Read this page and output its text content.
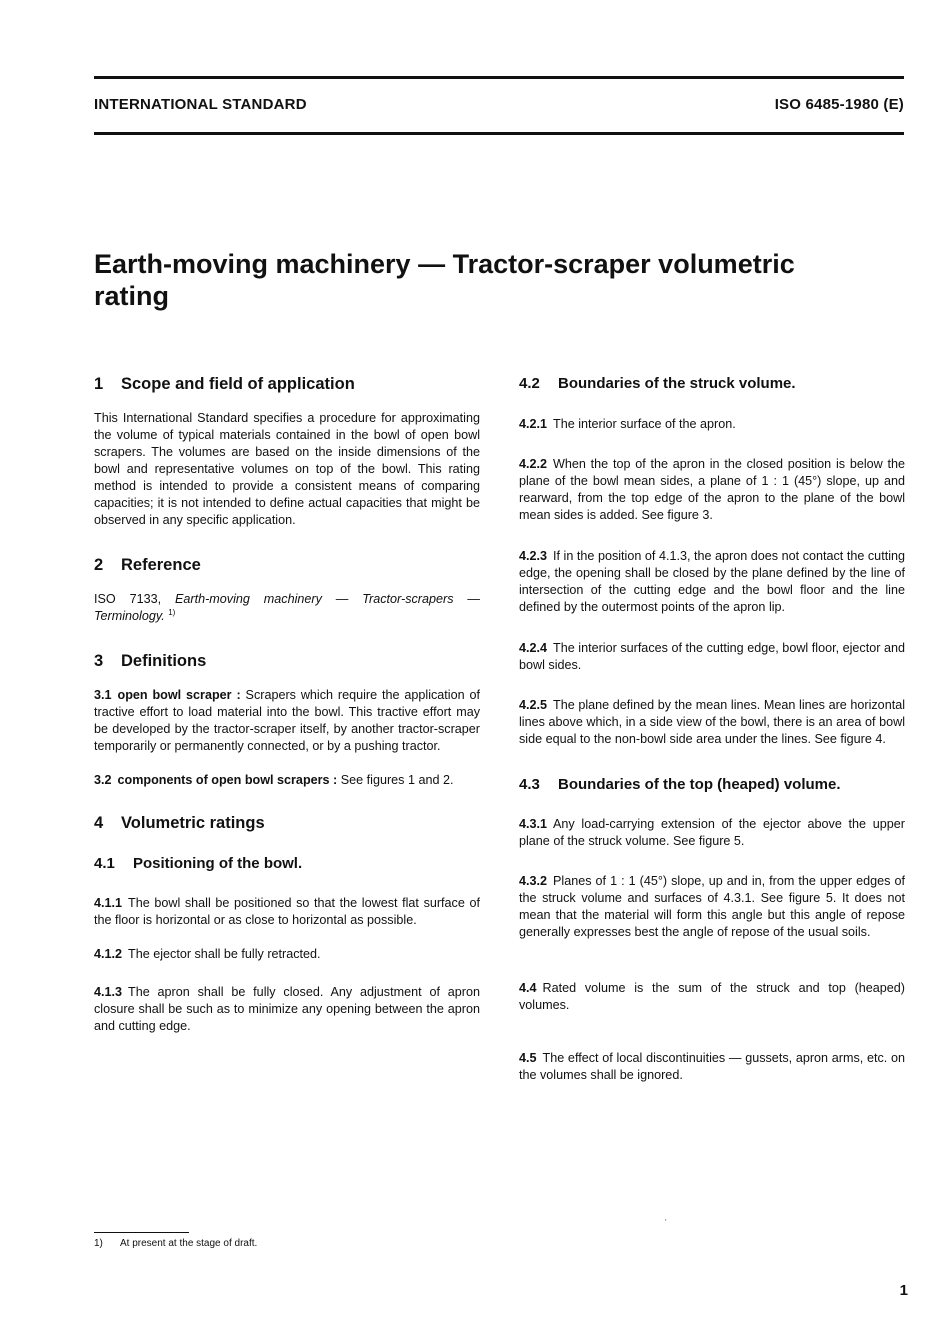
INTERNATIONAL STANDARD	ISO 6485-1980 (E)
Earth-moving machinery — Tractor-scraper volumetric rating
1 Scope and field of application

This International Standard specifies a procedure for approximating the volume of typical materials contained in the bowl of open bowl scrapers. The volumes are based on the inside dimensions of the bowl and representative volumes on top of the bowl. This rating method is intended to provide a consistent means of comparing capacities; it is not intended to define actual capacities that might be observed in any specific application.

2 Reference

ISO 7133, Earth-moving machinery — Tractor-scrapers — Terminology. $^{1)}$

3 Definitions

3.1 open bowl scraper : Scrapers which require the application of tractive effort to load material into the bowl. This tractive effort may be developed by the tractor-scraper itself, by another tractor-scraper temporarily or permanently connected, or by a pushing tractor.

3.2 components of open bowl scrapers : See figures 1 and 2.

4 Volumetric ratings
4.1 Positioning of the bowl.

4.1.1 The bowl shall be positioned so that the lowest flat surface of the floor is horizontal or as close to horizontal as possible.

4.1.2 The ejector shall be fully retracted.

4.1.3 The apron shall be fully closed. Any adjustment of apron closure shall be such as to minimize any opening between the apron and cutting edge.

4.2 Boundaries of the struck volume.

4.2.1 The interior surface of the apron.

4.2.2 When the top of the apron in the closed position is below the plane of the bowl mean sides, a plane of 1 : 1 (45°) slope, up and rearward, from the top edge of the apron to the plane of the bowl mean sides is added. See figure 3.

4.2.3 If in the position of 4.1.3, the apron does not contact the cutting edge, the opening shall be closed by the plane defined by the line of intersection of the cutting edge and the bowl floor and the line defined by the outermost points of the apron lip.

4.2.4 The interior surfaces of the cutting edge, bowl floor, ejector and bowl sides.

4.2.5 The plane defined by the mean lines. Mean lines are horizontal lines above which, in a side view of the bowl, there is an area of bowl side equal to the non-bowl side area under the lines. See figure 4.

4.3 Boundaries of the top (heaped) volume.

4.3.1 Any load-carrying extension of the ejector above the upper plane of the struck volume. See figure 5.

4.3.2 Planes of 1 : 1 (45°) slope, up and in, from the upper edges of the struck volume and surfaces of 4.3.1. See figure 5. It does not mean that the material will form this angle but this angle of repose generally expresses best the angle of repose of the usual soils.

4.4 Rated volume is the sum of the struck and top (heaped) volumes.

4.5 The effect of local discontinuities — gussets, apron arms, etc. on the volumes shall be ignored.

'
1) At present at the stage of draft.
1
